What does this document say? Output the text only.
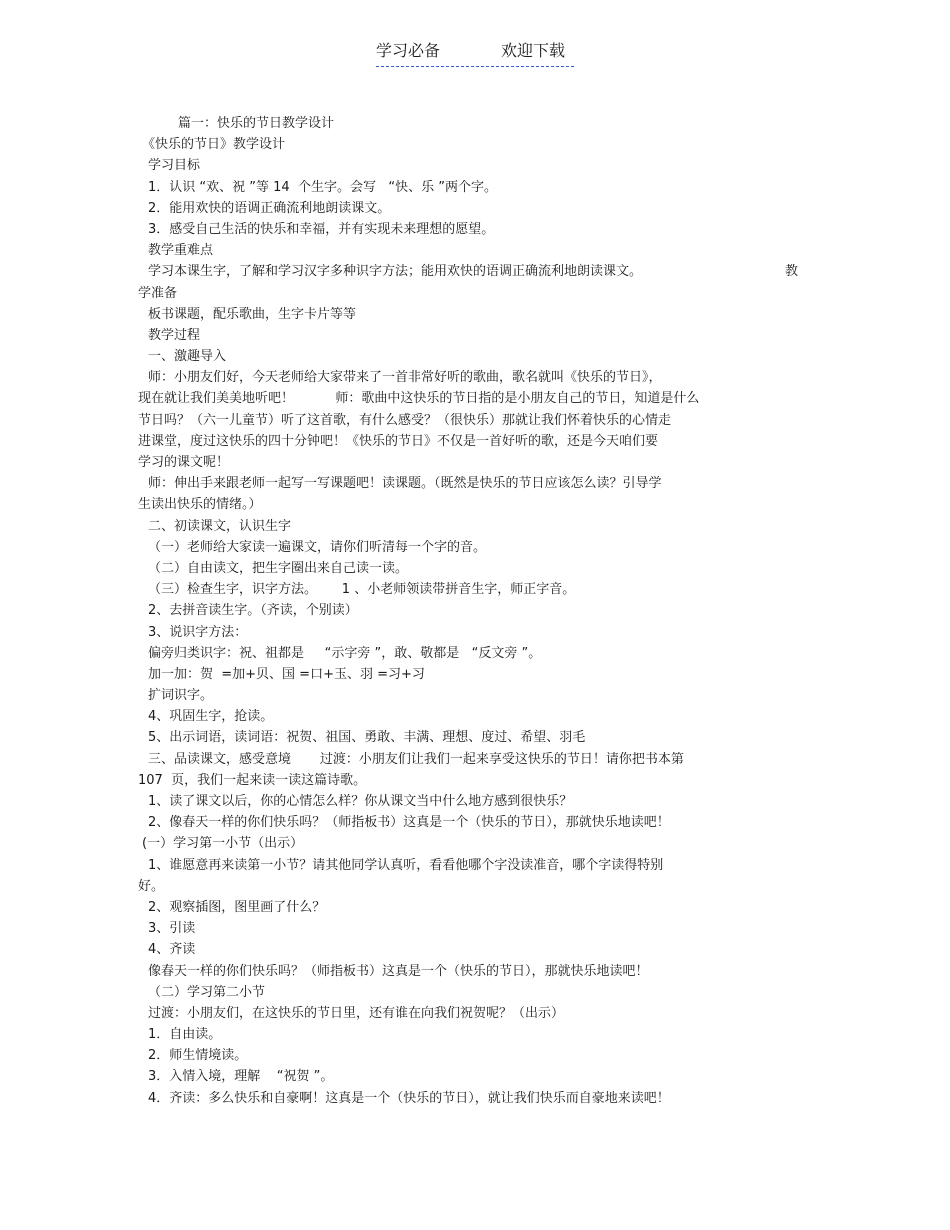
学习必备	欢迎下载
篇一：快乐的节日教学设计
《快乐的节日》教学设计
学习目标
1．认识 “欢、祝 ”等 14  个生字。会写   “快、乐 ”两个字。
2．能用欢快的语调正确流利地朗读课文。
3．感受自己生活的快乐和幸福，并有实现未来理想的愿望。
教学重难点
学习本课生字，了解和学习汉字多种识字方法；能用欢快的语调正确流利地朗读课文。	教
学准备
板书课题，配乐歌曲，生字卡片等等
教学过程
一、激趣导入
师：小朋友们好，今天老师给大家带来了一首非常好听的歌曲，歌名就叫《快乐的节日》，
现在就让我们美美地听吧！          师：歌曲中这快乐的节日指的是小朋友自己的节日，知道是什么
节日吗？（六一儿童节）听了这首歌，有什么感受？（很快乐）那就让我们怀着快乐的心情走
进课堂，度过这快乐的四十分钟吧！《快乐的节日》不仅是一首好听的歌，还是今天咱们要
学习的课文呢！
师：伸出手来跟老师一起写一写课题吧！读课题。（既然是快乐的节日应该怎么读？引导学
生读出快乐的情绪。）
二、初读课文，认识生字
（一）老师给大家读一遍课文，请你们听清每一个字的音。
（二）自由读文，把生字圈出来自己读一读。
（三）检查生字，识字方法。      1 、小老师领读带拼音生字，师正字音。
2、去拼音读生字。（齐读，个别读）
3、说识字方法：
偏旁归类识字：祝、祖都是     “示字旁 ”，敢、敬都是   “反文旁 ”。
加一加：贺  =加+贝、国 =口+玉、羽 =习+习
扩词识字。
4、巩固生字，抢读。
5、出示词语，读词语：祝贺、祖国、勇敢、丰满、理想、度过、希望、羽毛
三、品读课文，感受意境       过渡：小朋友们让我们一起来享受这快乐的节日！请你把书本第
107  页，我们一起来读一读这篇诗歌。
1、读了课文以后，你的心情怎么样？你从课文当中什么地方感到很快乐？
2、像春天一样的你们快乐吗？（师指板书）这真是一个（快乐的节日），那就快乐地读吧！
(一）学习第一小节（出示）
1、谁愿意再来读第一小节？请其他同学认真听，看看他哪个字没读准音，哪个字读得特别
好。
2、观察插图，图里画了什么？
3、引读
4、齐读
像春天一样的你们快乐吗？（师指板书）这真是一个（快乐的节日），那就快乐地读吧！
（二）学习第二小节
过渡：小朋友们，在这快乐的节日里，还有谁在向我们祝贺呢？（出示）
1．自由读。
2．师生情境读。
3．入情入境，理解    “祝贺 ”。
4．齐读：多么快乐和自豪啊！这真是一个（快乐的节日），就让我们快乐而自豪地来读吧！
